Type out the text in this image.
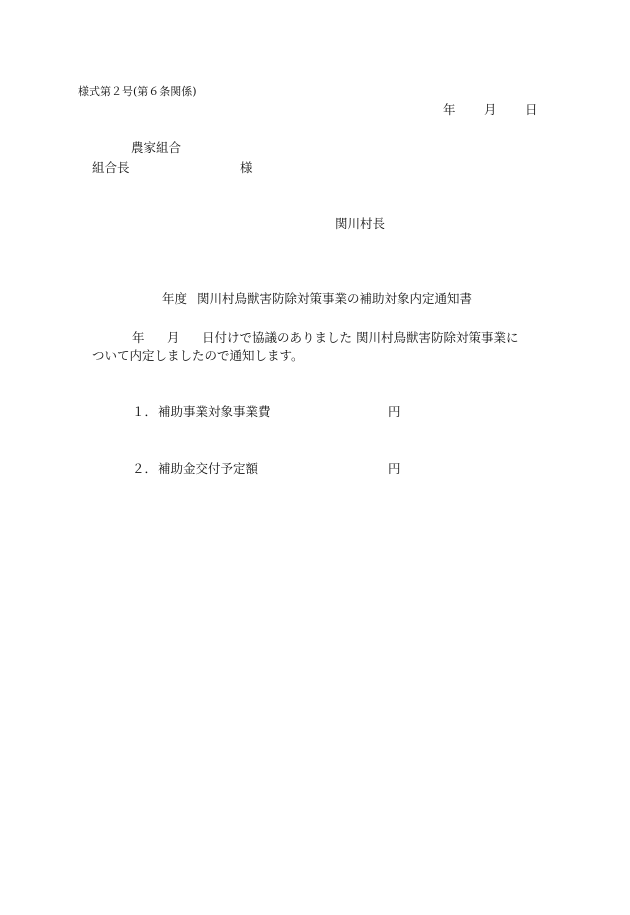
様式第２号(第６条関係)
年 月 日
農家組合
組合長	様
関川村長
年度 関川村鳥獣害防除対策事業の補助対象内定通知書
年 月 日付けで協議のありました 関川村鳥獣害防除対策事業に
ついて内定しましたので通知します。
１． 補助事業対象事業費	円
２． 補助金交付予定額	円
